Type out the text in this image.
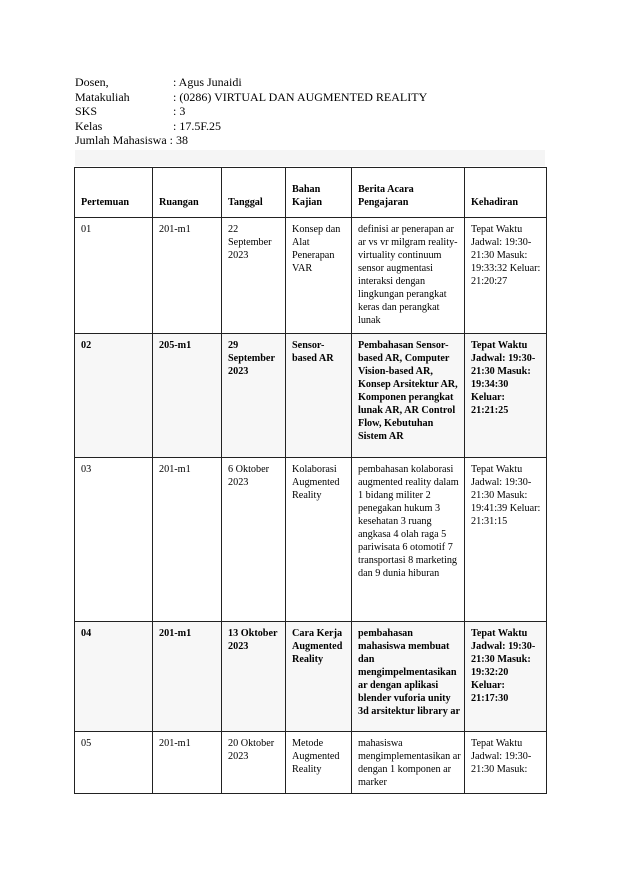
Dosen,	: Agus Junaidi
Matakuliah	: (0286) VIRTUAL DAN AUGMENTED REALITY
SKS	: 3
Kelas	: 17.5F.25
Jumlah Mahasiswa : 38
Pertemuan	Ruangan	Tanggal	Bahan Kajian	Berita Acara Pengajaran	Kehadiran
01	201-m1	22 September 2023	Konsep dan Alat Penerapan VAR	definisi ar penerapan ar ar vs vr milgram reality-virtuality continuum sensor augmentasi interaksi dengan lingkungan perangkat keras dan perangkat lunak	Tepat Waktu Jadwal: 19:30-21:30 Masuk: 19:33:32 Keluar: 21:20:27
02	205-m1	29 September 2023	Sensor-based AR	Pembahasan Sensor-based AR, Computer Vision-based AR, Konsep Arsitektur AR, Komponen perangkat lunak AR, AR Control Flow, Kebutuhan Sistem AR	Tepat Waktu Jadwal: 19:30-21:30 Masuk: 19:34:30 Keluar: 21:21:25
03	201-m1	6 Oktober 2023	Kolaborasi Augmented Reality	pembahasan kolaborasi augmented reality dalam 1 bidang militer 2 penegakan hukum 3 kesehatan 3 ruang angkasa 4 olah raga 5 pariwisata 6 otomotif 7 transportasi 8 marketing dan 9 dunia hiburan	Tepat Waktu Jadwal: 19:30-21:30 Masuk: 19:41:39 Keluar: 21:31:15
04	201-m1	13 Oktober 2023	Cara Kerja Augmented Reality	pembahasan mahasiswa membuat dan mengimpelmentasikan ar dengan aplikasi blender vuforia unity 3d arsitektur library ar	Tepat Waktu Jadwal: 19:30-21:30 Masuk: 19:32:20 Keluar: 21:17:30
05	201-m1	20 Oktober 2023	Metode Augmented Reality	mahasiswa mengimplementasikan ar dengan 1 komponen ar marker	Tepat Waktu Jadwal: 19:30-21:30 Masuk:
